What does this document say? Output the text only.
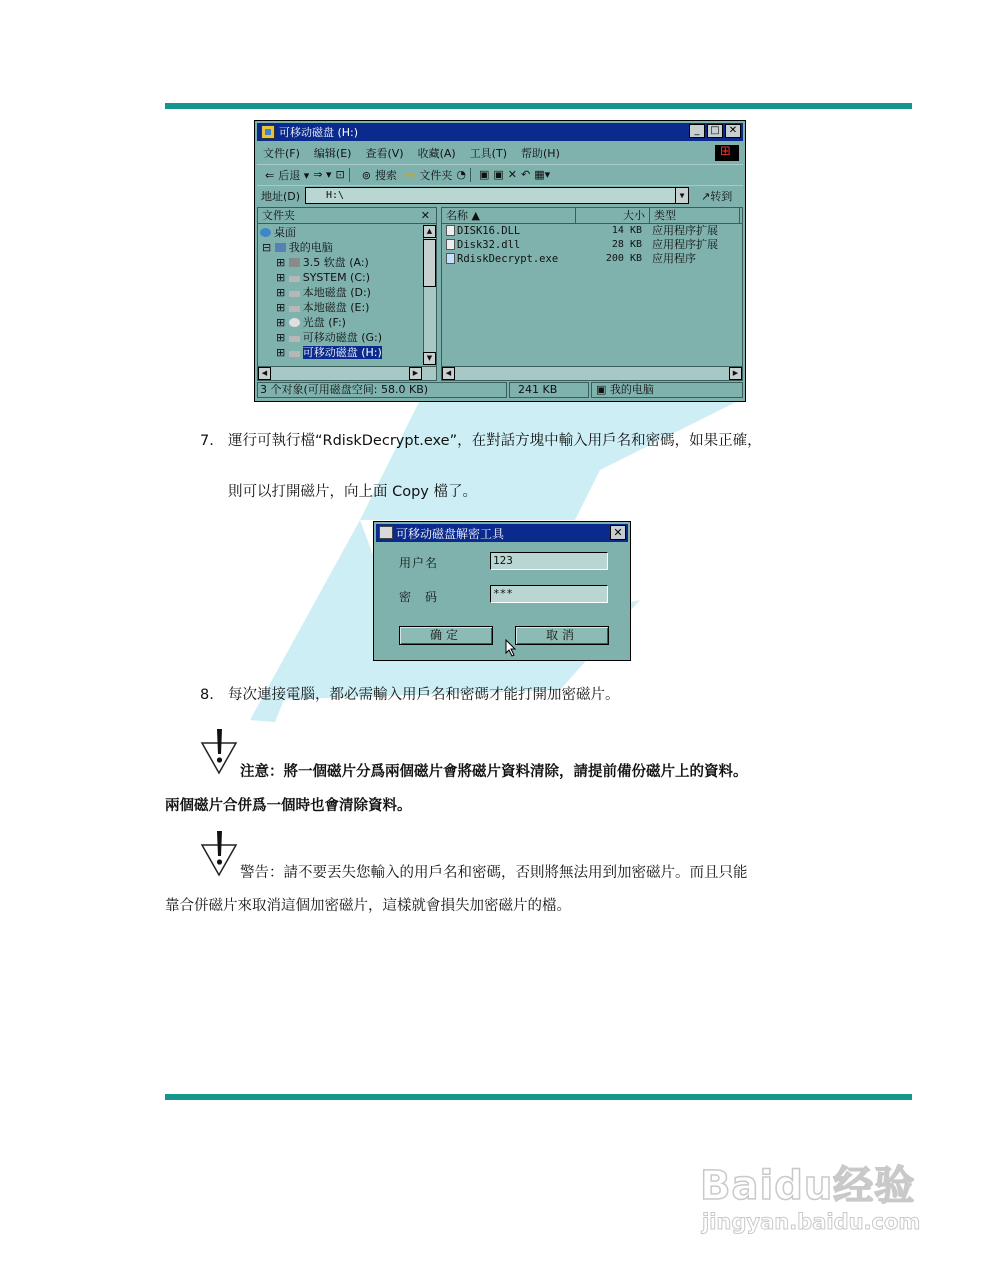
可移动磁盘 (H:)	_	□ ✕
文件(F) 编辑(E) 查看(V) 收藏(A) 工具(T) 帮助(H)
⊞
⇐ 后退 ▾ ⇒ ▾ ⊡	⊚ 搜索 ▭ 文件夹 ◔ ▣ ▣ ✕ ↶ ▦▾
地址(D)	H:\	▼	↗转到
文件夹	✕
桌面
⊟ 我的电脑
⊞ 3.5 软盘 (A:)
⊞ SYSTEM (C:)
⊞ 本地磁盘 (D:)
⊞ 本地磁盘 (E:)
⊞ 光盘 (F:)
⊞ 可移动磁盘 (G:)
⊞ 可移动磁盘 (H:)
▲
▼
◀	▶
名称 ▲	大小 类型
DISK16.DLL	14 KB 应用程序扩展
Disk32.dll	28 KB 应用程序扩展
RdiskDecrypt.exe	200 KB 应用程序
◀	▶
3 个对象(可用磁盘空间: 58.0 KB)	241 KB	▣ 我的电脑
7. 運行可執行檔“RdiskDecrypt.exe”，在對話方塊中輸入用戶名和密碼，如果正確，
則可以打開磁片，向上面 Copy 檔了。
可移动磁盘解密工具	✕
用户名	123
密　码	***
确定	取消
8. 每次連接電腦，都必需輸入用戶名和密碼才能打開加密磁片。
注意：將一個磁片分爲兩個磁片會將磁片資料清除，請提前備份磁片上的資料。
兩個磁片合併爲一個時也會清除資料。
警告：請不要丟失您輸入的用戶名和密碼，否則將無法用到加密磁片。而且只能
靠合併磁片來取消這個加密磁片，這樣就會損失加密磁片的檔。
Baidu经验
jingyan.baidu.com
